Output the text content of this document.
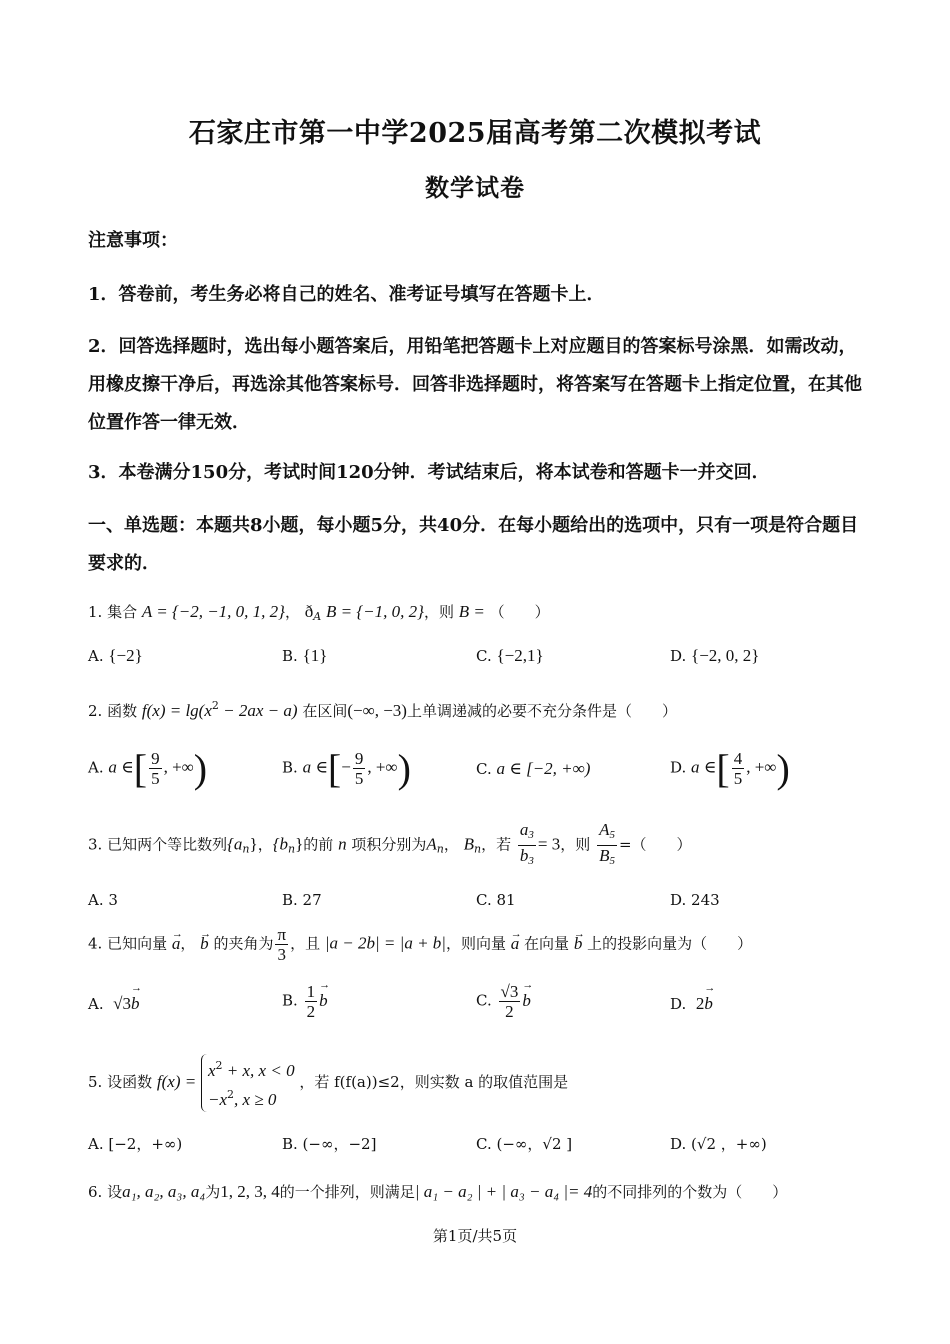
石家庄市第一中学2025届高考第二次模拟考试
数学试卷
注意事项：
1．答卷前，考生务必将自己的姓名、准考证号填写在答题卡上．
2．回答选择题时，选出每小题答案后，用铅笔把答题卡上对应题目的答案标号涂黑．如需改动，用橡皮擦干净后，再选涂其他答案标号．回答非选择题时，将答案写在答题卡上指定位置，在其他位置作答一律无效．
3．本卷满分150分，考试时间120分钟．考试结束后，将本试卷和答题卡一并交回．
一、单选题：本题共8小题，每小题5分，共40分．在每小题给出的选项中，只有一项是符合题目要求的．
1. 集合 A = {−2, −1, 0, 1, 2}， $ð_A$ B = {−1, 0, 2}，则 B = （　　）
A. {−2}	B. {1}	C. {−2,1}	D. {−2, 0, 2}
2. 函数 $f(x) = \lg(x^2 - 2ax - a)$ 在区间(−∞, −3)上单调递减的必要不充分条件是（　　）
A. a ∈[ $\frac{9}{5}$ , +∞)	B. a ∈[− $\frac{9}{5}$ , +∞)	C. a ∈ [−2, +∞)	D. a ∈[ $\frac{4}{5}$ , +∞)
3. 已知两个等比数列$\{a_n\}$，$\{b_n\}$的前 n 项积分别为$A_n$， $B_n$，若 $\frac{a_3}{b_3} = 3$，则 $\frac{A_5}{B_5}$ =（　　）
A. 3	B. 27	C. 81	D. 243
4. 已知向量 → a， → b 的夹角为 $\frac{\pi}{3}$ ，且 |a − 2b| = |a + b|，则向量 → a 在向量 → b 上的投影向量为（　　）
A. √3→ b	B. $\frac{1}{2}$
→ b	C. $\frac{√3}{2}$
→ b	D. 2→ b
5. 设函数 f(x) =
$x^2 + x$, x < 0
$-x^2$, x ≥ 0
，若 f(f(a))≤2，则实数 a 的取值范围是
A. [−2，+∞)	B. (−∞，−2]	C. (−∞，√2 ]	D. (√2 ，+∞)
6. 设a₁, a₂, a₃, a₄为1, 2, 3, 4的一个排列，则满足| a₁ − a₂ | + | a₃ − a₄ |= 4的不同排列的个数为（　　）
第1页/共5页
